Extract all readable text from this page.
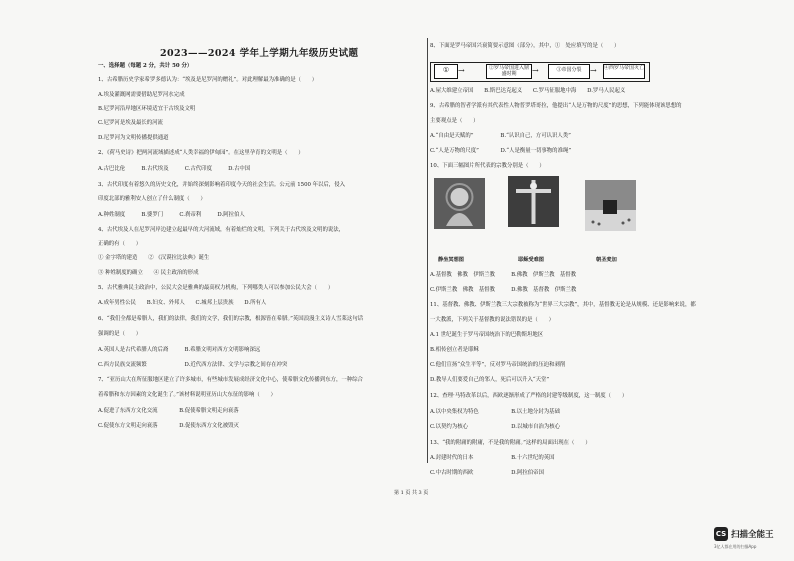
2023——2024 学年上学期九年级历史试题
一、选择题（每题 2 分，共计 50 分）
1、古希腊历史学家希罗多德认为：“埃及是尼罗河的赠礼”。对此理解最为准确的是（　　）
A.埃及灌溉网需要借助尼罗河水完成
B.尼罗河沿岸地区环境适宜于古埃及文明
C.尼罗河是埃及最长的河流
D.尼罗河为文明传播提供通道
2、《荷马史诗》把两河流域描述成“人类幸福的伊甸园”。在这里孕育的文明是（　　）
A.古巴比伦　　　B.古代埃及　　　C.古代印度　　　D.古中国
3、古代印度有着悠久的历史文化，并始终深刻影响着印度今天的社会生活。公元前 1500 年以后，侵入
印度北部的雅利安人创立了什么制度（　　）
A.种姓制度　　　B.婆罗门　　　C.刹帝利　　　D.阿拉伯人
4、古代埃及人在尼罗河岸边建立起最早的大河流域，有着灿烂的文明，下列关于古代埃及文明的说法，
正确的有（　　）
① 金字塔的建造　　② 《汉谟拉比法典》诞生
③ 种姓制度的确立　　④ 民主政治的形成
5、古代雅典民主政治中，公民大会是雅典的最高权力机构，下列哪类人可以参加公民大会（　　）
A.成年男性公民　　B.妇女、外邦人　　C.城邦上层贵族　　D.所有人
6、“我们全都是希腊人，我们的法律，我们的文学，我们的宗教，根源皆在希腊。”英国浪漫主义诗人雪莱这句话
强调的是（　　）
A.英国人是古代希腊人的后裔　　　B.希腊文明对西方文明影响深远
C.西方民族交流频繁　　　　　　　D.近代西方法律、文学与宗教之间存在冲突
7、“亚历山大在所征服地区建立了许多城市，有些城市发展成经济文化中心，使希腊文化传播到东方，一种综合
着希腊和东方因素的文化诞生了。”该材料说明亚历山大东征的影响（　　）
A.促进了东西方文化交流　　　　B.促使希腊文明走向衰落
C.促使东方文明走向衰落　　　　D.促使东西方文化被毁灭
8、下面是罗马帝国兴衰简要示意图（部分），其中，①　处应填写的是（　　）
A.屋大维建立帝国　　B.斯巴达克起义　　C.罗马征服地中海　　D.罗马人民起义
9、古希腊的智者学派有其代表性人物普罗塔哥拉，他提出“人是万物的尺度”的思想，下列能体现该思想的
主要观点是（　　）
A.“自由是天赋的”　　　　　B.“认识自己，方可认识人类”
C.“人是万物的尺度”　　　　D.“人是衡量一切事物的准绳”
10、下面三幅图片所代表的宗教分别是（　　）
A.基督教　佛教　伊斯兰教　　　B.佛教　伊斯兰教　基督教
C.伊斯兰教　佛教　基督教　　　D.佛教　基督教　伊斯兰教
11、基督教、佛教、伊斯兰教三大宗教被称为“世界三大宗教”，其中，基督教无论是从规模、还是影响来说，都
一大教派，下列关于基督教的说法错误的是（　　）
A.1 世纪诞生于罗马帝国统治下的巴勒斯坦地区
B.相传创立者是耶稣
C.他们宣扬“众生平等”，反对罗马帝国统治的压迫和剥削
D.教导人们要爱自己的邻人，死后可以升入“天堂”
12、查理·马特改革以后，西欧逐渐形成了严格的封建等级制度，这一制度（　　）
A.以中央集权为特色　　　　　　B.以土地分封为基础
C.以契约为核心　　　　　　　　D.以城市自治为核心
13、“我的附庸的附庸，不是我的附庸。”这样的局面出现在（　　）
A.封建时代的日本　　　　　　　B.十六世纪的英国
C.中古时期的西欧　　　　　　　D.阿拉伯帝国
①	→	②罗马帝国进入鼎盛时期	→	③帝国分裂	→ ④西罗马帝国灭亡
静坐冥想图	耶稣受难图	朝圣麦加
第 1 页 共 3 页
CS 扫描全能王
3亿人都在用的扫描App
